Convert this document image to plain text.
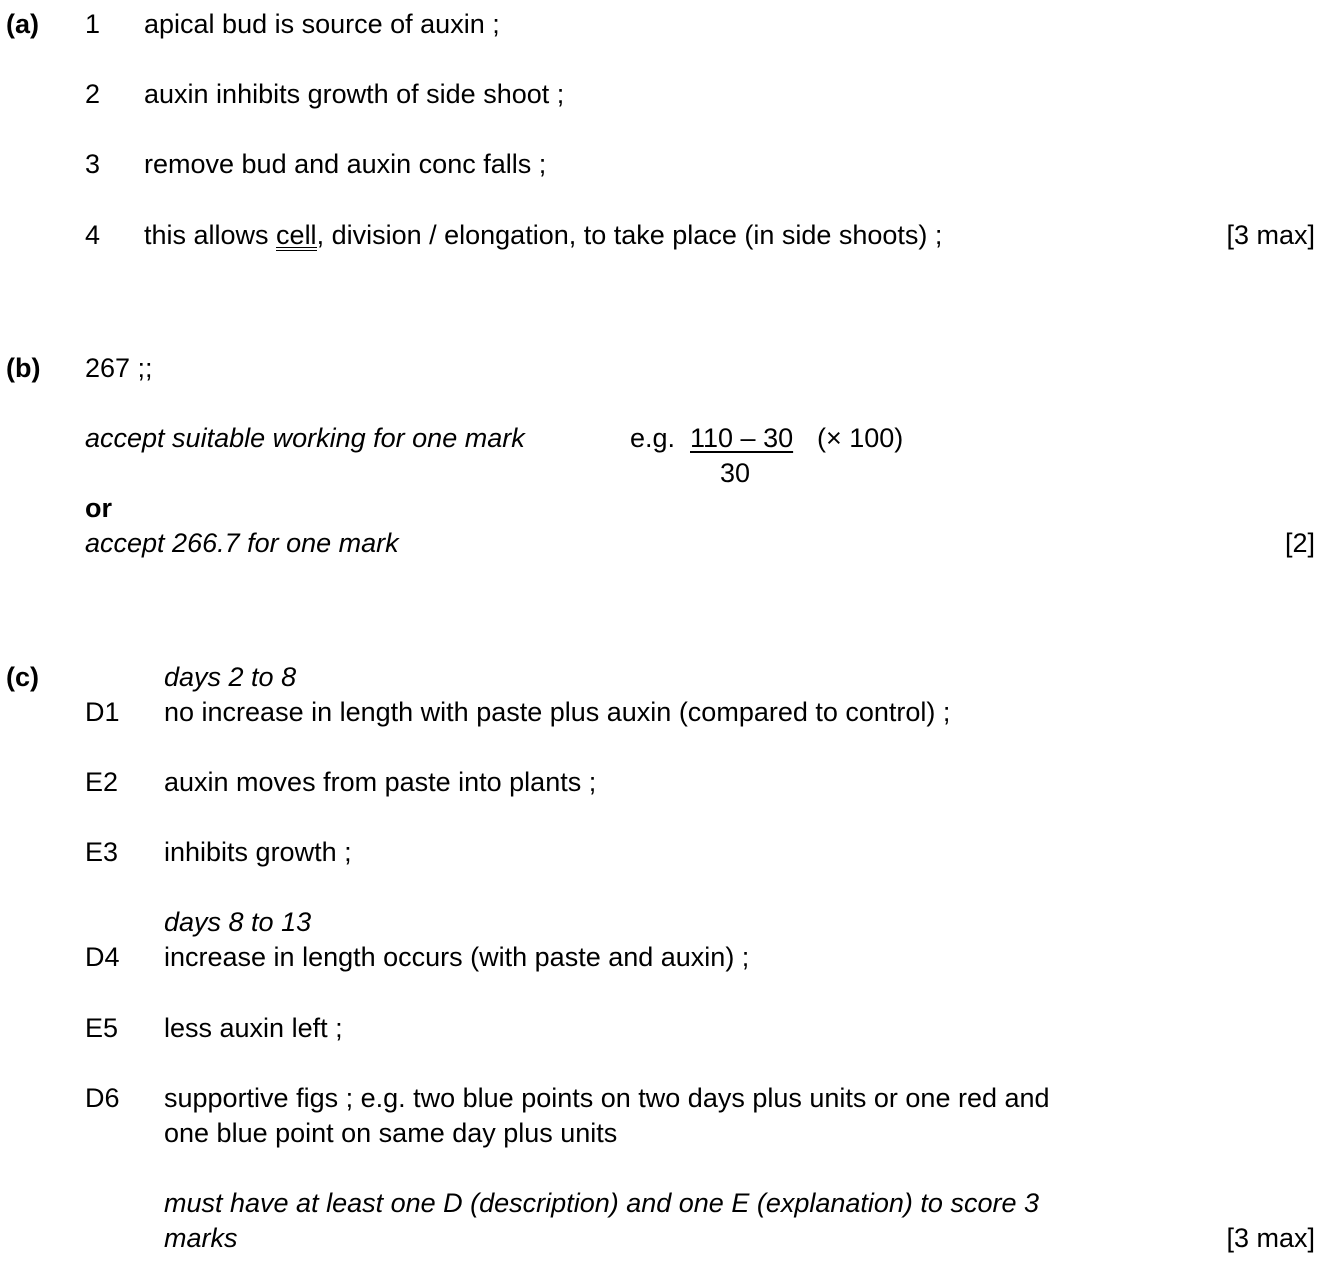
(a) 1 apical bud is source of auxin ;
2 auxin inhibits growth of side shoot ;
3 remove bud and auxin conc falls ;
4 this allows cell, division / elongation, to take place (in side shoots) ;	[3 max]
(b) 267 ;;
accept suitable working for one mark	e.g. 110 – 30 (× 100)
30
or
accept 266.7 for one mark	[2]
(c)	days 2 to 8
D1 no increase in length with paste plus auxin (compared to control) ;
E2 auxin moves from paste into plants ;
E3 inhibits growth ;
days 8 to 13
D4 increase in length occurs (with paste and auxin) ;
E5 less auxin left ;
D6 supportive figs ; e.g. two blue points on two days plus units or one red and
one blue point on same day plus units
must have at least one D (description) and one E (explanation) to score 3
marks	[3 max]
